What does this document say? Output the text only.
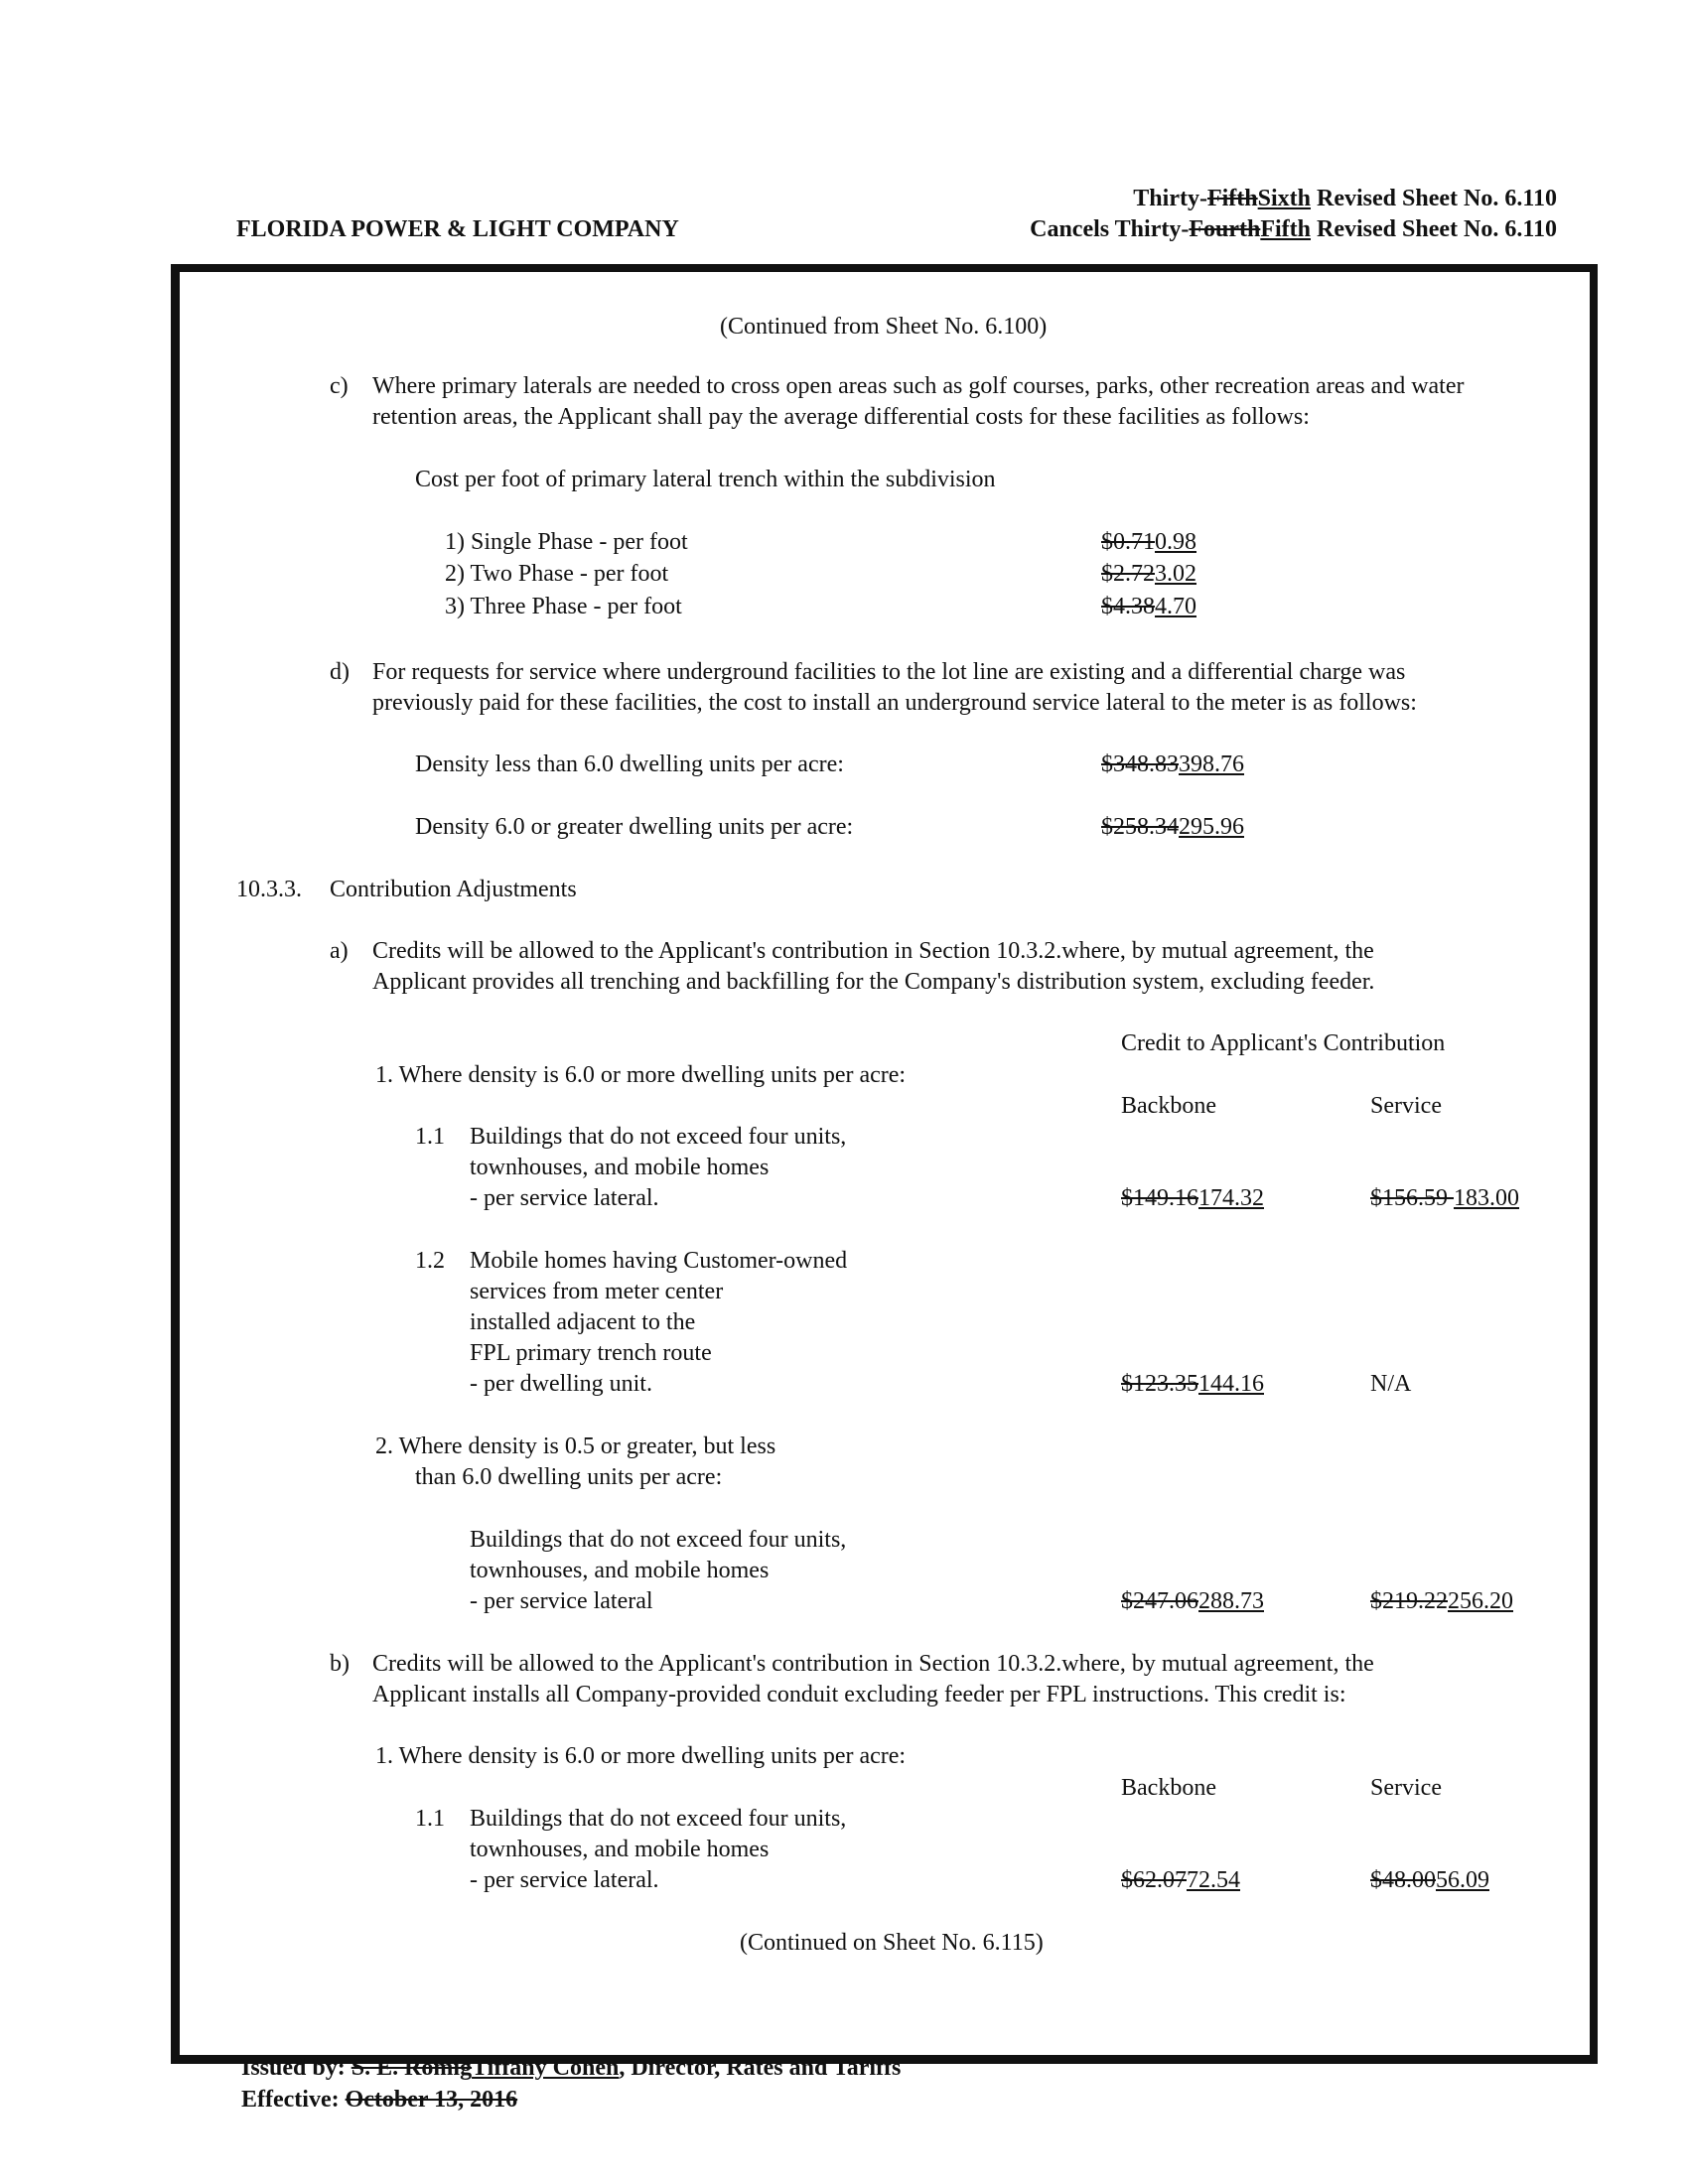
FLORIDA POWER & LIGHT COMPANY
Thirty-FifthSixth Revised Sheet No. 6.110
Cancels Thirty-FourthFifth Revised Sheet No. 6.110
(Continued from Sheet No. 6.100)
c) Where primary laterals are needed to cross open areas such as golf courses, parks, other recreation areas and water
retention areas, the Applicant shall pay the average differential costs for these facilities as follows:
Cost per foot of primary lateral trench within the subdivision
1) Single Phase - per foot	$0.710.98
2) Two Phase - per foot	$2.723.02
3) Three Phase - per foot	$4.384.70
d) For requests for service where underground facilities to the lot line are existing and a differential charge was
previously paid for these facilities, the cost to install an underground service lateral to the meter is as follows:
Density less than 6.0 dwelling units per acre:	$348.83398.76
Density 6.0 or greater dwelling units per acre:	$258.34295.96
10.3.3. Contribution Adjustments
a) Credits will be allowed to the Applicant's contribution in Section 10.3.2.where, by mutual agreement, the
Applicant provides all trenching and backfilling for the Company's distribution system, excluding feeder.
Credit to Applicant's Contribution
1. Where density is 6.0 or more dwelling units per acre:
Backbone	Service
1.1 Buildings that do not exceed four units,
townhouses, and mobile homes
- per service lateral.	$149.16174.32	$156.59 183.00
1.2 Mobile homes having Customer-owned
services from meter center
installed adjacent to the
FPL primary trench route
- per dwelling unit.	$123.35144.16	N/A
2. Where density is 0.5 or greater, but less
than 6.0 dwelling units per acre:
Buildings that do not exceed four units,
townhouses, and mobile homes
- per service lateral	$247.06288.73	$219.22256.20
b) Credits will be allowed to the Applicant's contribution in Section 10.3.2.where, by mutual agreement, the
Applicant installs all Company-provided conduit excluding feeder per FPL instructions. This credit is:
1. Where density is 6.0 or more dwelling units per acre:
Backbone	Service
1.1 Buildings that do not exceed four units,
townhouses, and mobile homes
- per service lateral.	$62.0772.54	$48.0056.09
(Continued on Sheet No. 6.115)
Issued by: S. E. RomigTiffany Cohen, Director, Rates and Tariffs
Effective: October 13, 2016
